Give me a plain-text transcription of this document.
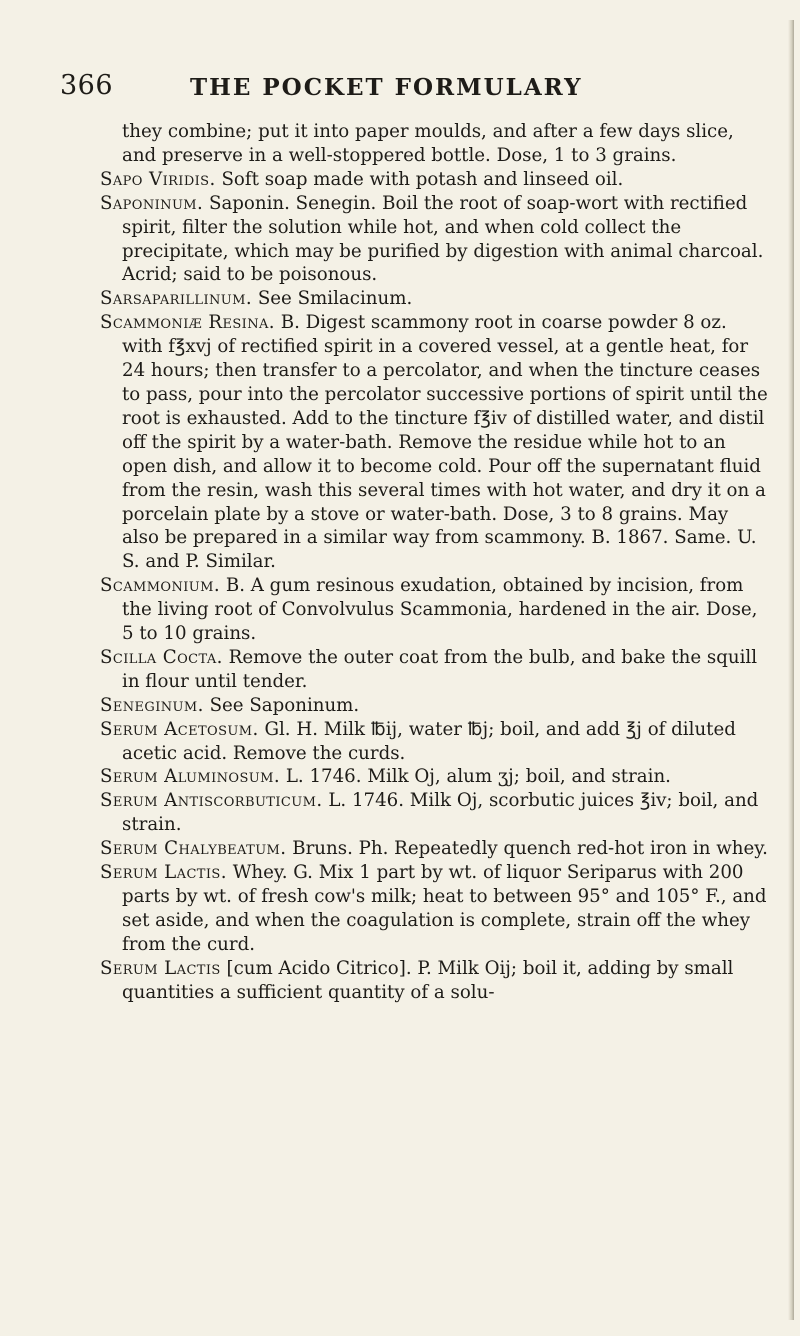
366	THE POCKET FORMULARY

they combine; put it into paper moulds, and after a few days slice, and preserve in a well-stoppered bottle. Dose, 1 to 3 grains.

Sapo Viridis. Soft soap made with potash and linseed oil.

Saponinum. Saponin. Senegin. Boil the root of soap-wort with rectified spirit, filter the solution while hot, and when cold collect the precipitate, which may be purified by digestion with animal charcoal. Acrid; said to be poisonous.

Sarsaparillinum. See Smilacinum.

Scammoniæ Resina. B. Digest scammony root in coarse powder 8 oz. with f℥xvj of rectified spirit in a covered vessel, at a gentle heat, for 24 hours; then transfer to a percolator, and when the tincture ceases to pass, pour into the percolator successive portions of spirit until the root is exhausted. Add to the tincture f℥iv of distilled water, and distil off the spirit by a water-bath. Remove the residue while hot to an open dish, and allow it to become cold. Pour off the supernatant fluid from the resin, wash this several times with hot water, and dry it on a porcelain plate by a stove or water-bath. Dose, 3 to 8 grains. May also be prepared in a similar way from scammony. B. 1867. Same. U. S. and P. Similar.

Scammonium. B. A gum resinous exudation, obtained by incision, from the living root of Convolvulus Scammonia, hardened in the air. Dose, 5 to 10 grains.

Scilla Cocta. Remove the outer coat from the bulb, and bake the squill in flour until tender.

Seneginum. See Saponinum.

Serum Acetosum. Gl. H. Milk ℔ij, water ℔j; boil, and add ℥j of diluted acetic acid. Remove the curds.

Serum Aluminosum. L. 1746. Milk Oj, alum ʒj; boil, and strain.

Serum Antiscorbuticum. L. 1746. Milk Oj, scorbutic juices ℥iv; boil, and strain.

Serum Chalybeatum. Bruns. Ph. Repeatedly quench red-hot iron in whey.

Serum Lactis. Whey. G. Mix 1 part by wt. of liquor Seriparus with 200 parts by wt. of fresh cow's milk; heat to between 95° and 105° F., and set aside, and when the coagulation is complete, strain off the whey from the curd.

Serum Lactis [cum Acido Citrico]. P. Milk Oij; boil it, adding by small quantities a sufficient quantity of a solu-
